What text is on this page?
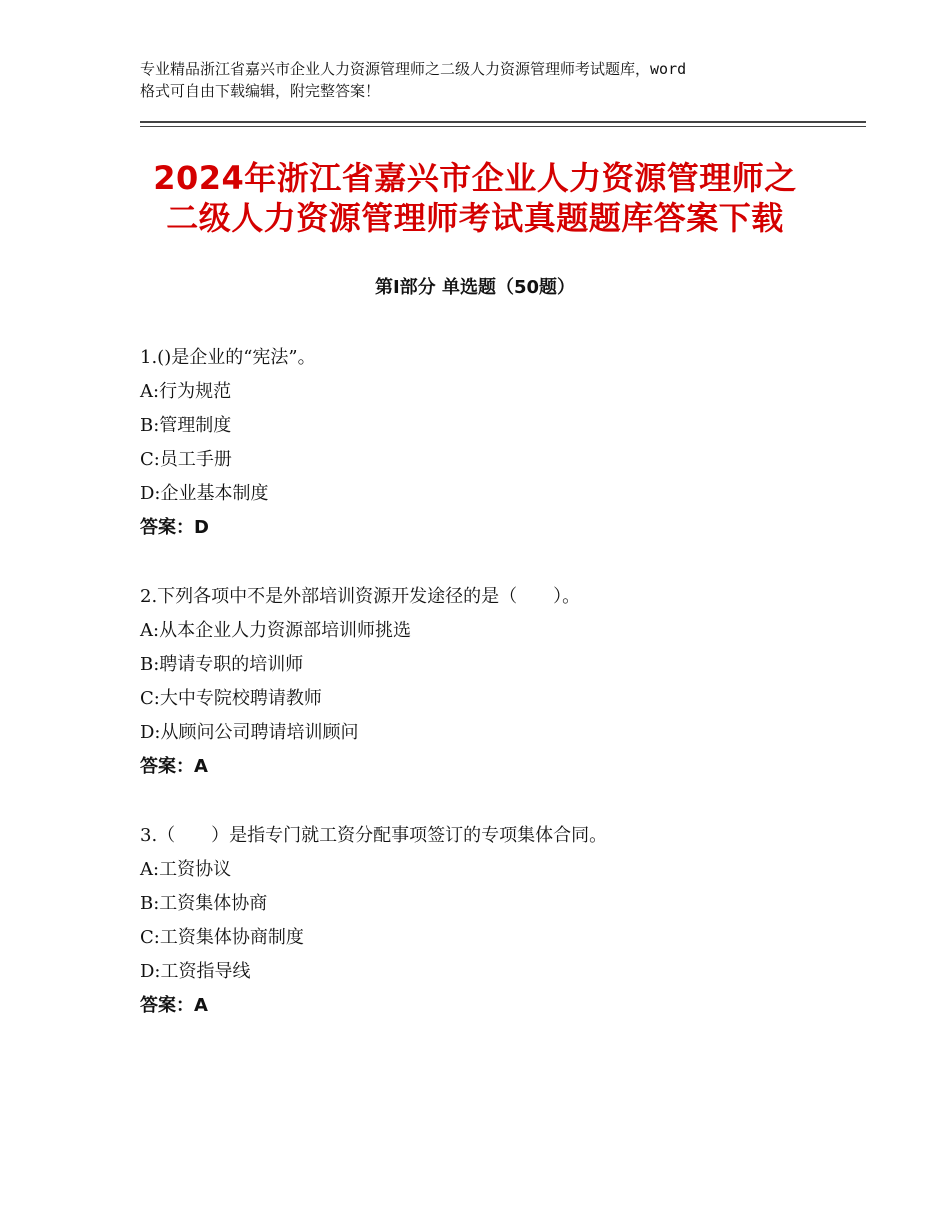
专业精品浙江省嘉兴市企业人力资源管理师之二级人力资源管理师考试题库，word
格式可自由下载编辑，附完整答案！
2024年浙江省嘉兴市企业人力资源管理师之
二级人力资源管理师考试真题题库答案下载
第Ⅰ部分 单选题（50题）
1.()是企业的“宪法”。
A:行为规范
B:管理制度
C:员工手册
D:企业基本制度
答案：D
2.下列各项中不是外部培训资源开发途径的是（　　）。
A:从本企业人力资源部培训师挑选
B:聘请专职的培训师
C:大中专院校聘请教师
D:从顾问公司聘请培训顾问
答案：A
3.（　　）是指专门就工资分配事项签订的专项集体合同。
A:工资协议
B:工资集体协商
C:工资集体协商制度
D:工资指导线
答案：A
